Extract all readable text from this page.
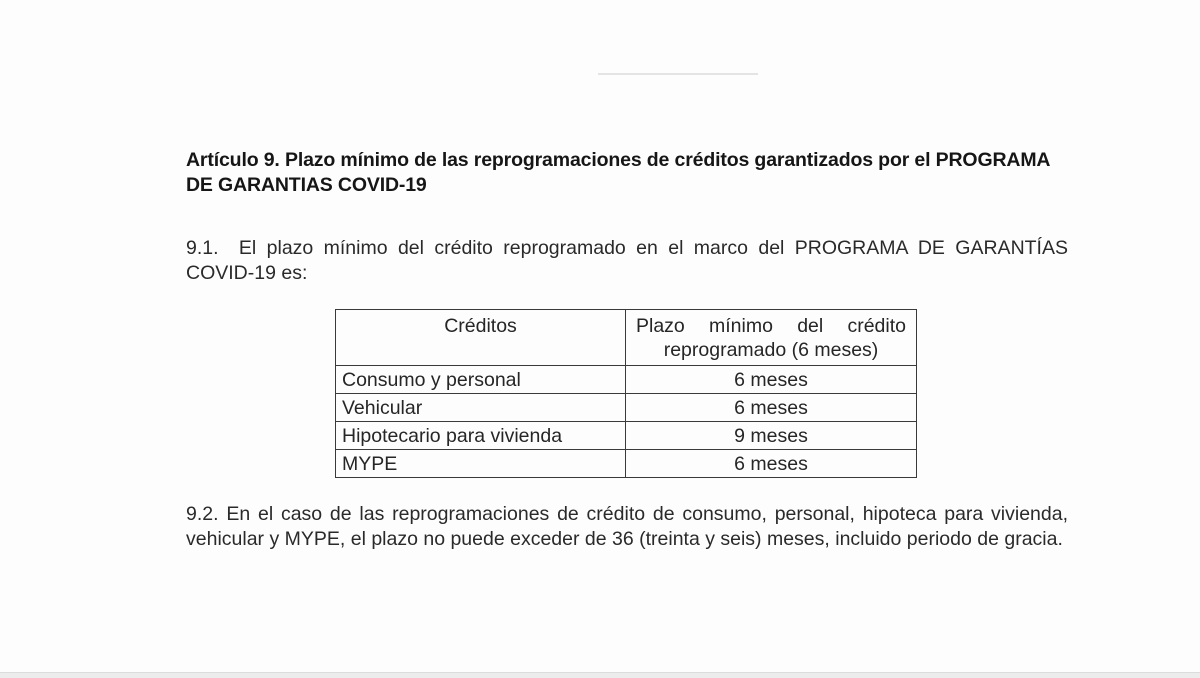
Artículo 9. Plazo mínimo de las reprogramaciones de créditos garantizados por el PROGRAMA DE GARANTIAS COVID-19

9.1. El plazo mínimo del crédito reprogramado en el marco del PROGRAMA DE GARANTÍAS COVID-19 es:

Créditos	Plazo mínimo del crédito reprogramado (6 meses)
Consumo y personal	6 meses
Vehicular	6 meses
Hipotecario para vivienda	9 meses
MYPE	6 meses

9.2. En el caso de las reprogramaciones de crédito de consumo, personal, hipoteca para vivienda, vehicular y MYPE, el plazo no puede exceder de 36 (treinta y seis) meses, incluido periodo de gracia.
